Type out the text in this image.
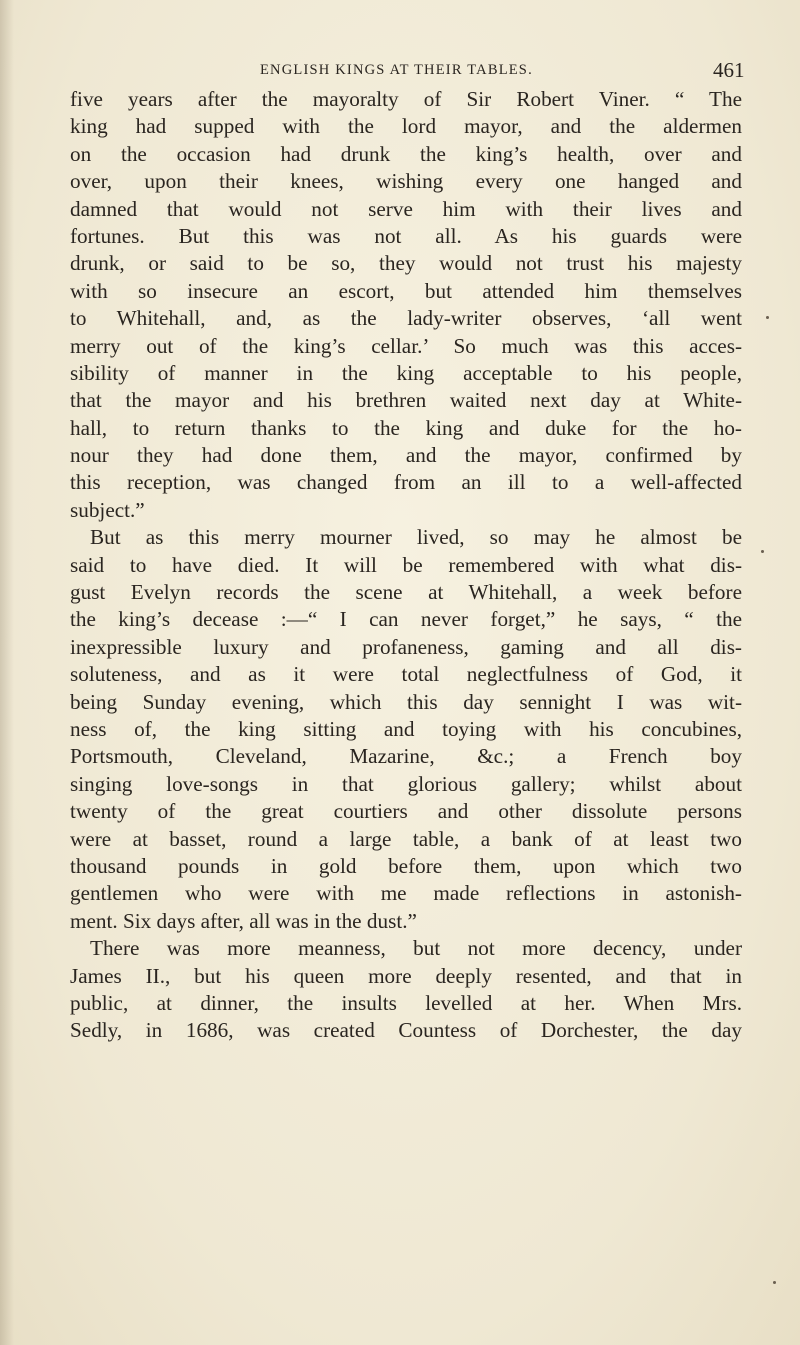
ENGLISH KINGS AT THEIR TABLES.	461
five years after the mayoralty of Sir Robert Viner. “ The
king had supped with the lord mayor, and the aldermen
on the occasion had drunk the king’s health, over and
over, upon their knees, wishing every one hanged and
damned that would not serve him with their lives and
fortunes. But this was not all. As his guards were
drunk, or said to be so, they would not trust his majesty
with so insecure an escort, but attended him themselves
to Whitehall, and, as the lady-writer observes, ‘all went
merry out of the king’s cellar.’ So much was this acces-
sibility of manner in the king acceptable to his people,
that the mayor and his brethren waited next day at White-
hall, to return thanks to the king and duke for the ho-
nour they had done them, and the mayor, confirmed by
this reception, was changed from an ill to a well-affected
subject.”
But as this merry mourner lived, so may he almost be
said to have died. It will be remembered with what dis-
gust Evelyn records the scene at Whitehall, a week before
the king’s decease :—“ I can never forget,” he says, “ the
inexpressible luxury and profaneness, gaming and all dis-
soluteness, and as it were total neglectfulness of God, it
being Sunday evening, which this day sennight I was wit-
ness of, the king sitting and toying with his concubines,
Portsmouth, Cleveland, Mazarine, &c.; a French boy
singing love-songs in that glorious gallery; whilst about
twenty of the great courtiers and other dissolute persons
were at basset, round a large table, a bank of at least two
thousand pounds in gold before them, upon which two
gentlemen who were with me made reflections in astonish-
ment. Six days after, all was in the dust.”
There was more meanness, but not more decency, under
James II., but his queen more deeply resented, and that in
public, at dinner, the insults levelled at her. When Mrs.
Sedly, in 1686, was created Countess of Dorchester, the day
